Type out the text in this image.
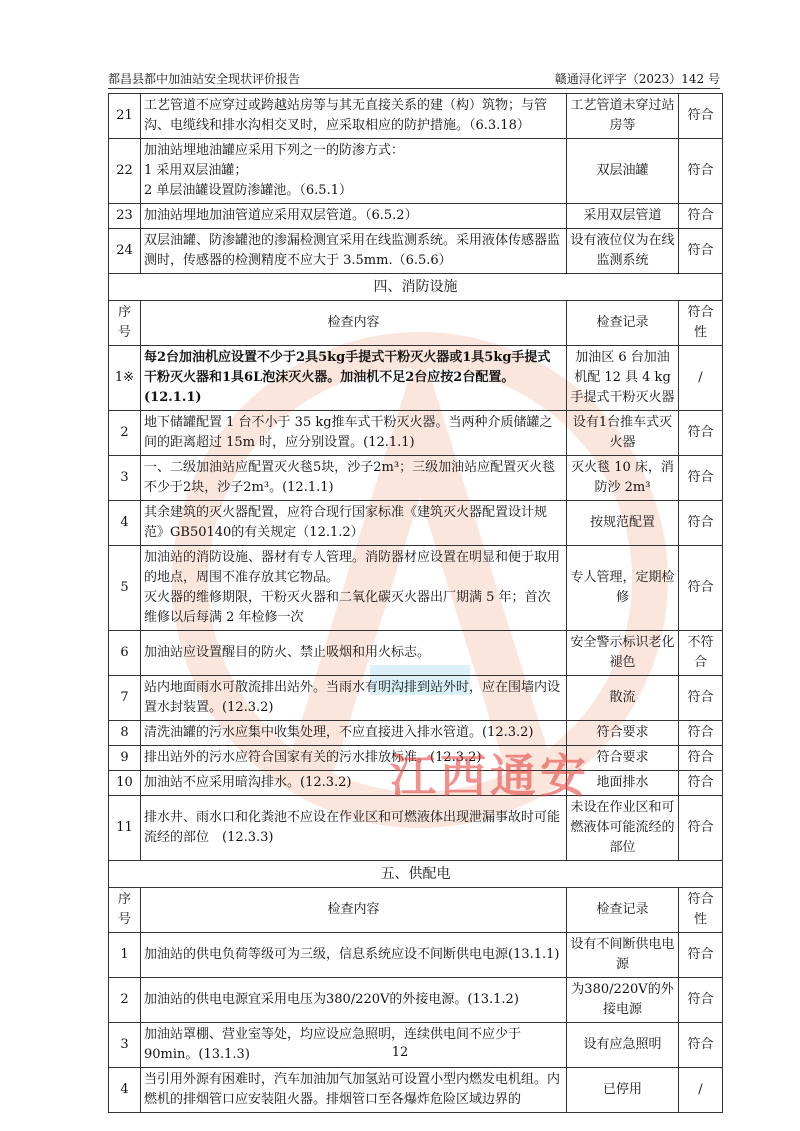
都昌县都中加油站安全现状评价报告	赣通浔化评字（2023）142 号
21	工艺管道不应穿过或跨越站房等与其无直接关系的建（构）筑物；与管沟、电缆线和排水沟相交叉时，应采取相应的防护措施。（6.3.18）	工艺管道未穿过站房等	符合
22	加油站埋地油罐应采用下列之一的防渗方式：
1 采用双层油罐；
2 单层油罐设置防渗罐池。（6.5.1）	双层油罐	符合
23	加油站埋地加油管道应采用双层管道。（6.5.2）	采用双层管道	符合
24	双层油罐、防渗罐池的渗漏检测宜采用在线监测系统。采用液体传感器监测时，传感器的检测精度不应大于 3.5mm.（6.5.6）	设有液位仪为在线监测系统	符合
四、消防设施			
序号	检查内容	检查记录	符合性
1※	每2台加油机应设置不少于2具5kg手提式干粉灭火器或1具5kg手提式干粉灭火器和1具6L泡沫灭火器。加油机不足2台应按2台配置。(12.1.1)	加油区 6 台加油机配 12 具 4 kg 手提式干粉灭火器	/
2	地下储罐配置 1 台不小于 35 kg推车式干粉灭火器。当两种介质储罐之间的距离超过 15m 时，应分别设置。(12.1.1)	设有1台推车式灭火器	符合
3	一、二级加油站应配置灭火毯5块，沙子2m³；三级加油站应配置灭火毯不少于2块，沙子2m³。(12.1.1)	灭火毯 10 床，消防沙 2m³	符合
4	其余建筑的灭火器配置，应符合现行国家标准《建筑灭火器配置设计规范》GB50140的有关规定（12.1.2）	按规范配置	符合
5	加油站的消防设施、器材有专人管理。消防器材应设置在明显和便于取用的地点，周围不准存放其它物品。
灭火器的维修期限，干粉灭火器和二氧化碳灭火器出厂期满 5 年；首次维修以后每满 2 年检修一次	专人管理，定期检修	符合
6	加油站应设置醒目的防火、禁止吸烟和用火标志。	安全警示标识老化褪色	不符合
7	站内地面雨水可散流排出站外。当雨水有明沟排到站外时，应在围墙内设置水封装置。(12.3.2)	散流	符合
8	清洗油罐的污水应集中收集处理，不应直接进入排水管道。(12.3.2)	符合要求	符合
9	排出站外的污水应符合国家有关的污水排放标准。(12.3.2)	符合要求	符合
10	加油站不应采用暗沟排水。(12.3.2)	地面排水	符合
11	排水井、雨水口和化粪池不应设在作业区和可燃液体出现泄漏事故时可能流经的部位　(12.3.3)	未设在作业区和可燃液体可能流经的部位	符合
五、供配电			
序号	检查内容	检查记录	符合性
1	加油站的供电负荷等级可为三级，信息系统应设不间断供电电源(13.1.1)	设有不间断供电电源	符合
2	加油站的供电电源宜采用电压为380/220V的外接电源。(13.1.2)	为380/220V的外接电源	符合
3	加油站罩棚、营业室等处，均应设应急照明，连续供电间不应少于90min。(13.1.3)	设有应急照明	符合
4	当引用外源有困难时，汽车加油加气加氢站可设置小型内燃发电机组。内燃机的排烟管口应安装阻火器。排烟管口至各爆炸危险区域边界的	已停用	/
江西通安
12
